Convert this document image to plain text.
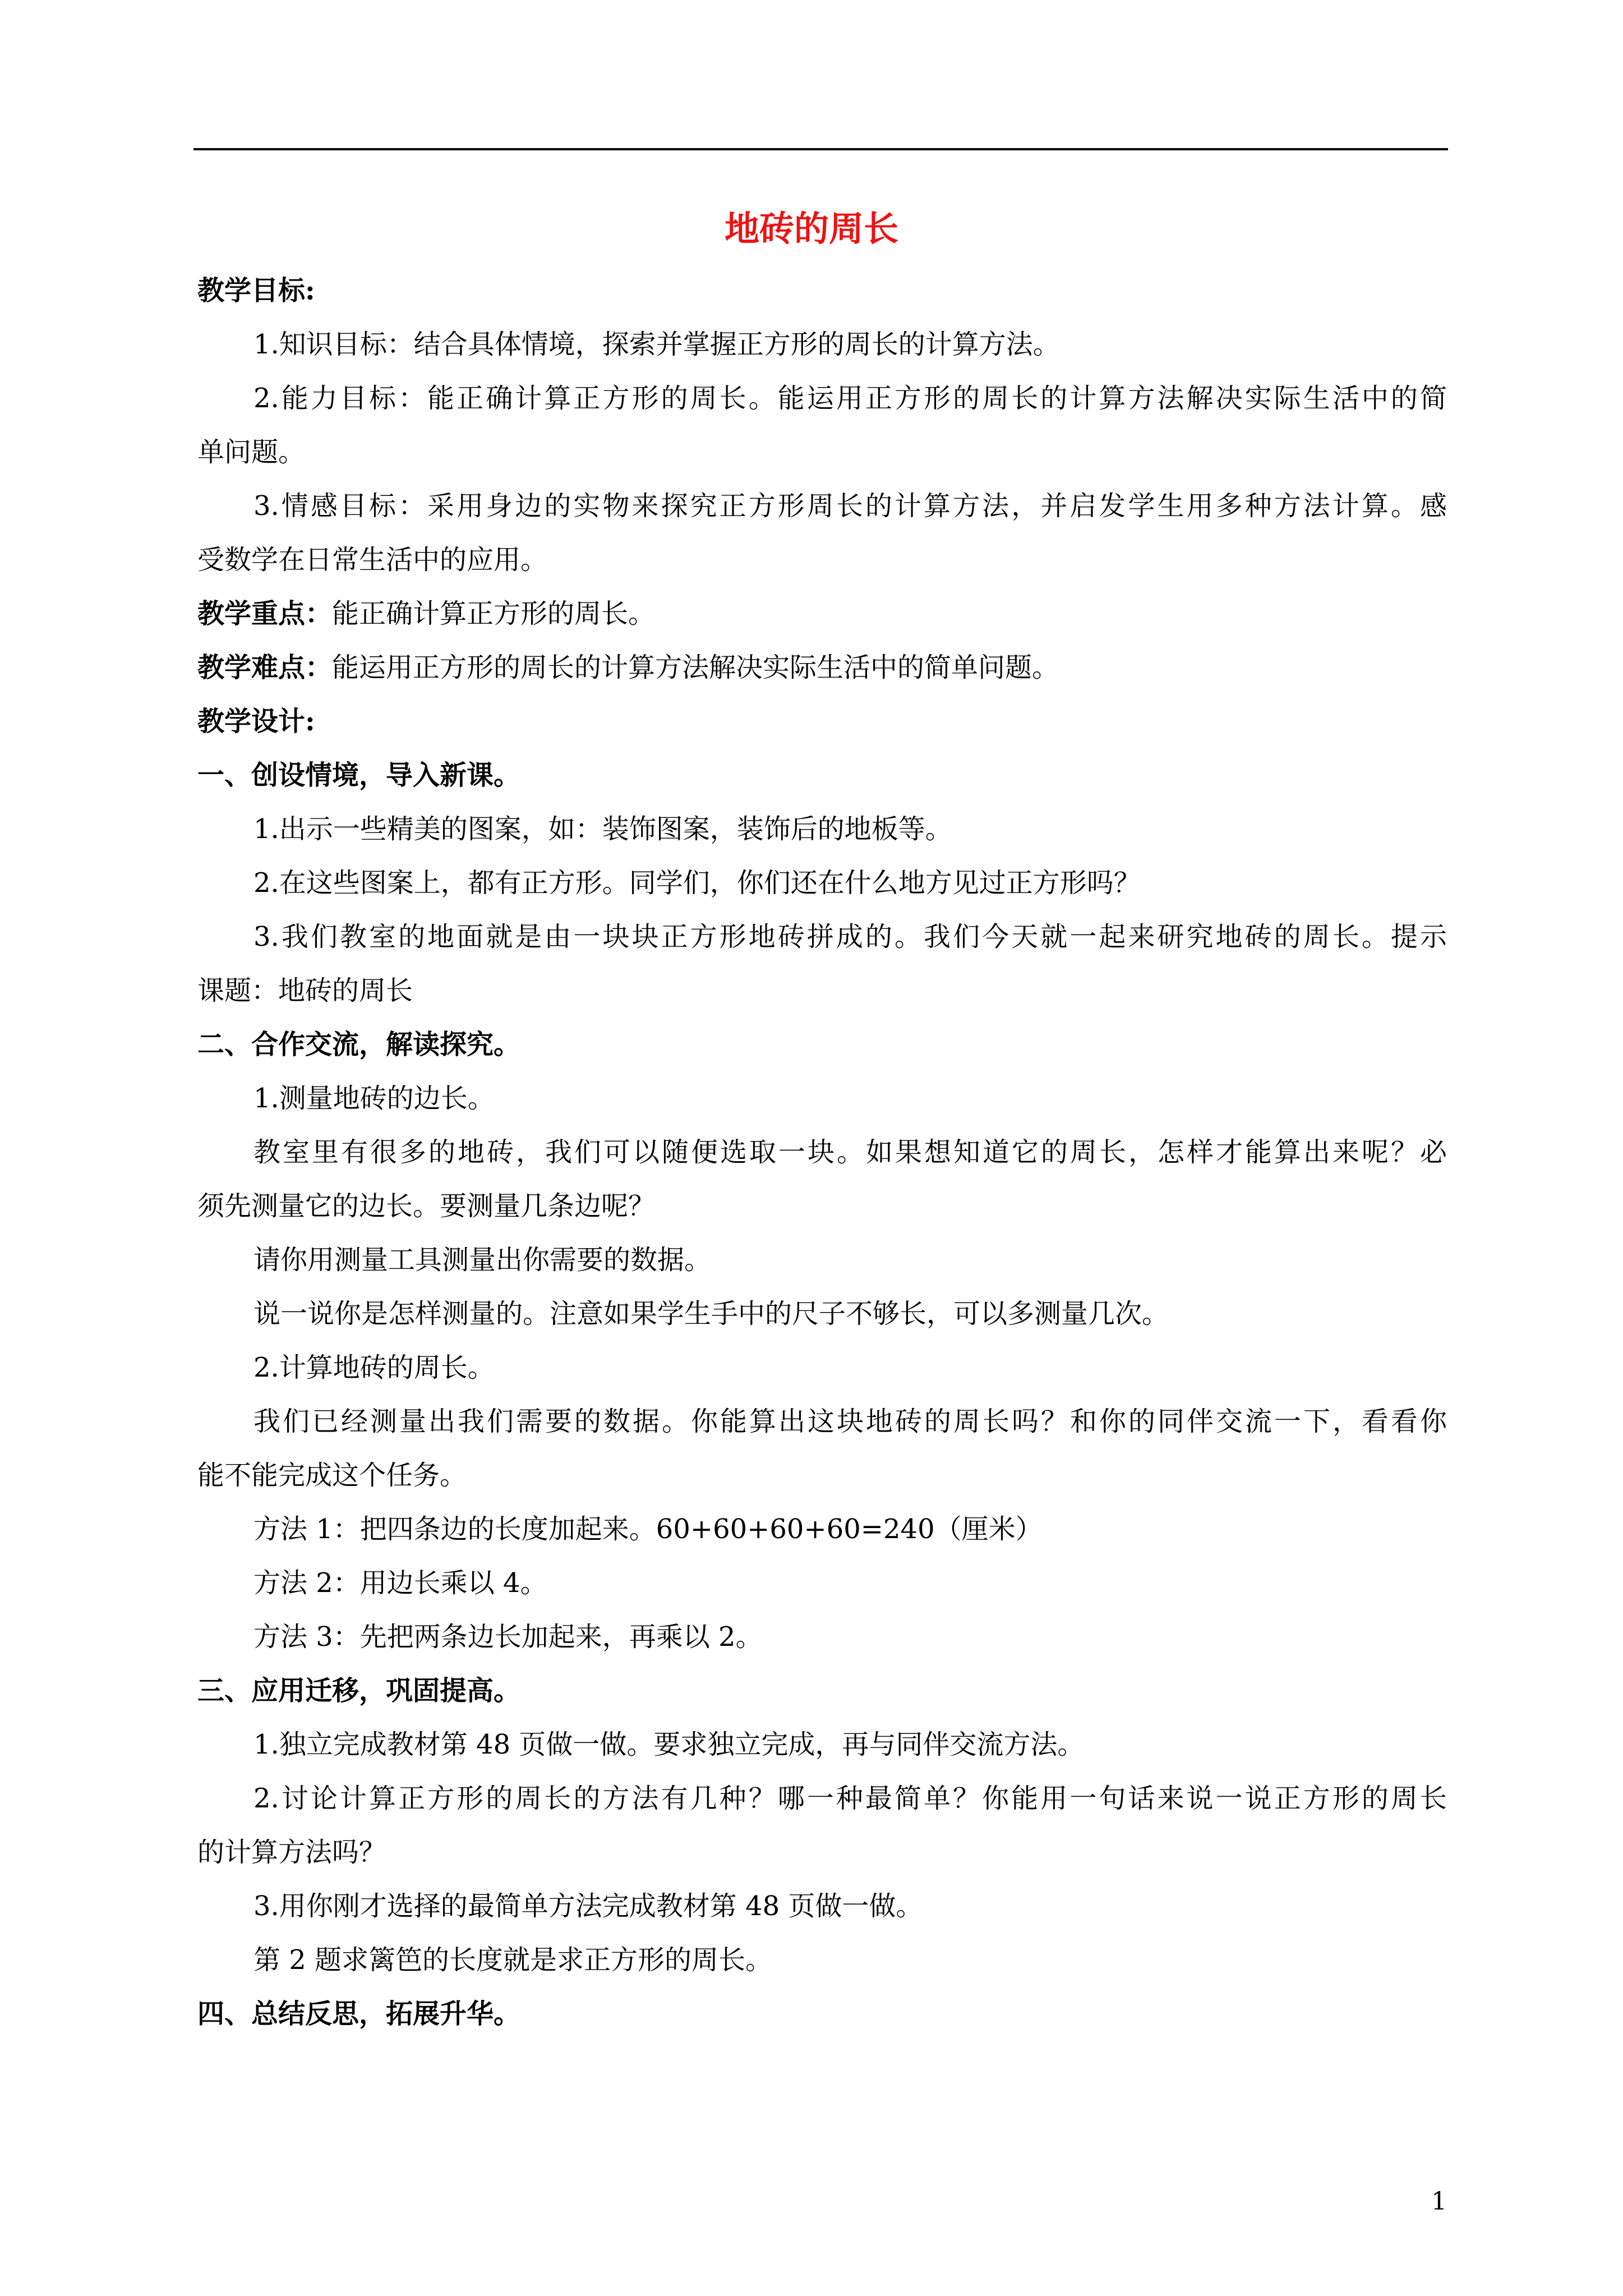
地砖的周长
教学目标:
1.知识目标：结合具体情境，探索并掌握正方形的周长的计算方法。
2.能力目标：能正确计算正方形的周长。能运用正方形的周长的计算方法解决实际生活中的简
单问题。
3.情感目标：采用身边的实物来探究正方形周长的计算方法，并启发学生用多种方法计算。感
受数学在日常生活中的应用。
教学重点：能正确计算正方形的周长。
教学难点：能运用正方形的周长的计算方法解决实际生活中的简单问题。
教学设计:
一、创设情境，导入新课。
1.出示一些精美的图案，如：装饰图案，装饰后的地板等。
2.在这些图案上，都有正方形。同学们，你们还在什么地方见过正方形吗？
3.我们教室的地面就是由一块块正方形地砖拼成的。我们今天就一起来研究地砖的周长。提示
课题：地砖的周长
二、合作交流，解读探究。
1.测量地砖的边长。
教室里有很多的地砖，我们可以随便选取一块。如果想知道它的周长，怎样才能算出来呢？必
须先测量它的边长。要测量几条边呢？
请你用测量工具测量出你需要的数据。
说一说你是怎样测量的。注意如果学生手中的尺子不够长，可以多测量几次。
2.计算地砖的周长。
我们已经测量出我们需要的数据。你能算出这块地砖的周长吗？和你的同伴交流一下，看看你
能不能完成这个任务。
方法 1：把四条边的长度加起来。60+60+60+60=240（厘米）
方法 2：用边长乘以 4。
方法 3：先把两条边长加起来，再乘以 2。
三、应用迁移，巩固提高。
1.独立完成教材第 48 页做一做。要求独立完成，再与同伴交流方法。
2.讨论计算正方形的周长的方法有几种？哪一种最简单？你能用一句话来说一说正方形的周长
的计算方法吗？
3.用你刚才选择的最简单方法完成教材第 48 页做一做。
第 2 题求篱笆的长度就是求正方形的周长。
四、总结反思，拓展升华。
1
